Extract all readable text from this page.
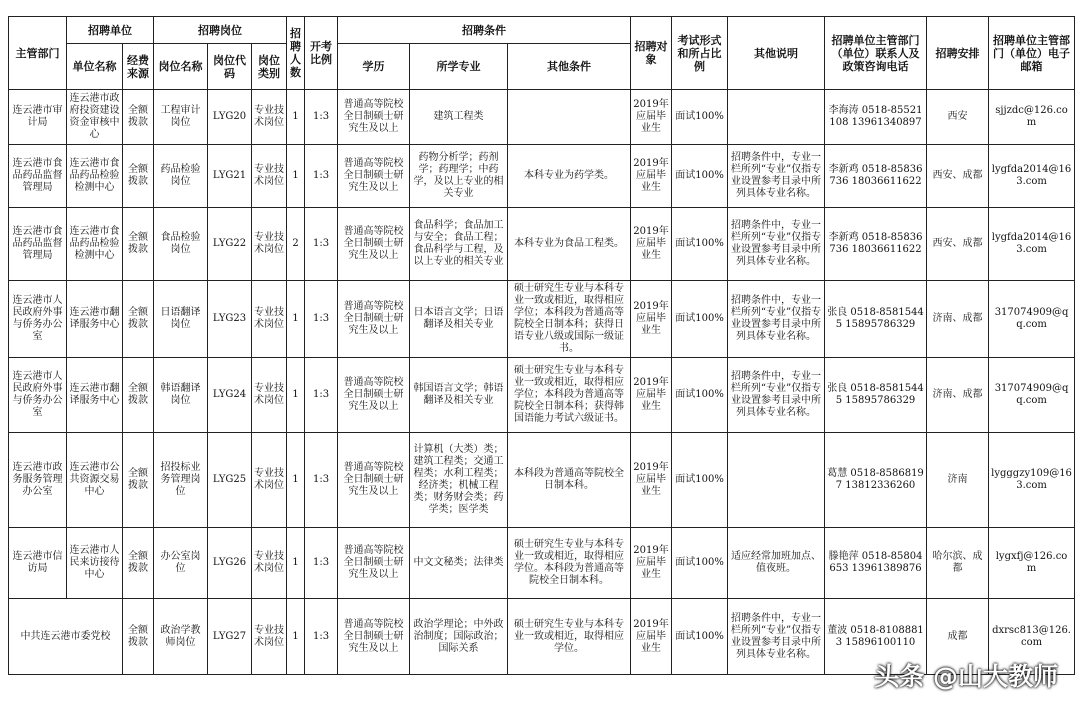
主管部门	招聘单位		招聘岗位			招聘人数	开考比例	招聘条件			招聘对象	考试形式和所占比例	其他说明	招聘单位主管部门（单位）联系人及政策咨询电话	招聘安排	招聘单位主管部门（单位）电子邮箱
	单位名称	经费来源	岗位名称	岗位代码	岗位类别			学历	所学专业	其他条件						
连云港市审计局	连云港市政府投资建设资金审核中心	全额拨款	工程审计岗位	LYG20	专业技术岗位	1	1:3	普通高等院校全日制硕士研究生及以上	建筑工程类		2019年应届毕业生	面试100%		李海涛 0518-85521108 13961340897	西安	sjjzdc@126.com
连云港市食品药品监督管理局	连云港市食品药品检验检测中心	全额拨款	药品检验岗位	LYG21	专业技术岗位	1	1:3	普通高等院校全日制硕士研究生及以上	药物分析学；药剂学；药理学；中药学，及以上专业的相关专业	本科专业为药学类。	2019年应届毕业生	面试100%	招聘条件中，专业一栏所列“专业”仅指专业设置参考目录中所列具体专业名称。	李新鸡 0518-85836736 18036611622	西安、成都	lygfda2014@163.com
连云港市食品药品监督管理局	连云港市食品药品检验检测中心	全额拨款	食品检验岗位	LYG22	专业技术岗位	2	1:3	普通高等院校全日制硕士研究生及以上	食品科学；食品加工与安全；食品工程；食品科学与工程，及以上专业的相关专业	本科专业为食品工程类。	2019年应届毕业生	面试100%	招聘条件中，专业一栏所列“专业”仅指专业设置参考目录中所列具体专业名称。	李新鸡 0518-85836736 18036611622	西安、成都	lygfda2014@163.com
连云港市人民政府外事与侨务办公室	连云港市翻译服务中心	全额拨款	日语翻译岗位	LYG23	专业技术岗位	1	1:3	普通高等院校全日制硕士研究生及以上	日本语言文学；日语翻译及相关专业	硕士研究生专业与本科专业一致或相近，取得相应学位；本科段为普通高等院校全日制本科；获得日语专业八级或国际一级证书。	2019年应届毕业生	面试100%	招聘条件中，专业一栏所列“专业”仅指专业设置参考目录中所列具体专业名称。	张良 0518-85815445 15895786329	济南、成都	317074909@qq.com
连云港市人民政府外事与侨务办公室	连云港市翻译服务中心	全额拨款	韩语翻译岗位	LYG24	专业技术岗位	1	1:3	普通高等院校全日制硕士研究生及以上	韩国语言文学；韩语翻译及相关专业	硕士研究生专业与本科专业一致或相近，取得相应学位；本科段为普通高等院校全日制本科；获得韩国语能力考试六级证书。	2019年应届毕业生	面试100%	招聘条件中，专业一栏所列“专业”仅指专业设置参考目录中所列具体专业名称。	张良 0518-85815445 15895786329	济南、成都	317074909@qq.com
连云港市政务服务管理办公室	连云港市公共资源交易中心	全额拨款	招投标业务管理岗位	LYG25	专业技术岗位	1	1:3	普通高等院校全日制硕士研究生及以上	计算机（大类）类；建筑工程类；交通工程类；水利工程类；经济类；机械工程类；财务财会类；药学类；医学类	本科段为普通高等院校全日制本科。	2019年应届毕业生	面试100%		葛慧 0518-85868197 13812336260	济南	lygggzy109@163.com
连云港市信访局	连云港市人民来访接待中心	全额拨款	办公室岗位	LYG26	专业技术岗位	1	1:3	普通高等院校全日制硕士研究生及以上	中文文秘类；法律类	硕士研究生专业与本科专业一致或相近，取得相应学位。本科段为普通高等院校全日制本科。	2019年应届毕业生	面试100%	适应经常加班加点、值夜班。	滕艳萍 0518-85804653 13961389876	哈尔滨、成都	lygxfj@126.com
中共连云港市委党校		全额拨款	政治学教师岗位	LYG27	专业技术岗位	1	1:3	普通高等院校全日制硕士研究生及以上	政治学理论；中外政治制度；国际政治；国际关系	硕士研究生专业与本科专业一致或相近，取得相应学位。	2019年应届毕业生	面试100%	招聘条件中，专业一栏所列“专业”仅指专业设置参考目录中所列具体专业名称。	董波 0518-81088813 15896100110	成都	dxrsc813@126.com
头条 @山大教师
